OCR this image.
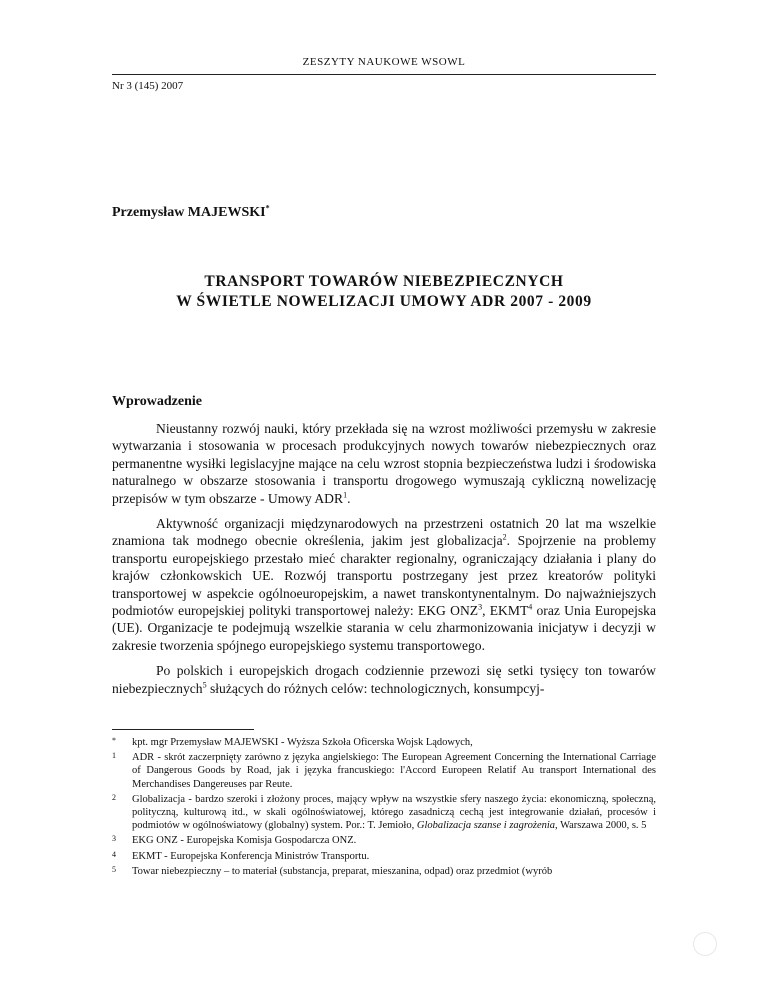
ZESZYTY NAUKOWE WSOWL
Nr 3 (145) 2007
Przemysław MAJEWSKI*
TRANSPORT TOWARÓW NIEBEZPIECZNYCH
W ŚWIETLE NOWELIZACJI UMOWY ADR 2007 - 2009
Wprowadzenie

Nieustanny rozwój nauki, który przekłada się na wzrost możliwości przemysłu w zakresie wytwarzania i stosowania w procesach produkcyjnych nowych towarów niebezpiecznych oraz permanentne wysiłki legislacyjne mające na celu wzrost stopnia bezpieczeństwa ludzi i środowiska naturalnego w obszarze stosowania i transportu drogowego wymuszają cykliczną nowelizację przepisów w tym obszarze - Umowy ADR$^1$.

Aktywność organizacji międzynarodowych na przestrzeni ostatnich 20 lat ma wszelkie znamiona tak modnego obecnie określenia, jakim jest globalizacja$^2$. Spojrzenie na problemy transportu europejskiego przestało mieć charakter regionalny, ograniczający działania i plany do krajów członkowskich UE. Rozwój transportu postrzegany jest przez kreatorów polityki transportowej w aspekcie ogólnoeuropejskim, a nawet transkontynentalnym. Do najważniejszych podmiotów europejskiej polityki transportowej należy: EKG ONZ$^3$, EKMT$^4$ oraz Unia Europejska (UE). Organizacje te podejmują wszelkie starania w celu zharmonizowania inicjatyw i decyzji w zakresie tworzenia spójnego europejskiego systemu transportowego.

Po polskich i europejskich drogach codziennie przewozi się setki tysięcy ton towarów niebezpiecznych$^5$ służących do różnych celów: technologicznych, konsumpcyj-

*	kpt. mgr Przemysław MAJEWSKI - Wyższa Szkoła Oficerska Wojsk Lądowych,
1	ADR - skrót zaczerpnięty zarówno z języka angielskiego: The European Agreement Concerning the International Carriage of Dangerous Goods by Road, jak i języka francuskiego: l'Accord Europeen Relatif Au transport International des Merchandises Dangereuses par Reute.
2	Globalizacja - bardzo szeroki i złożony proces, mający wpływ na wszystkie sfery naszego życia: ekonomiczną, społeczną, polityczną, kulturową itd., w skali ogólnoświatowej, którego zasadniczą cechą jest integrowanie działań, procesów i podmiotów w ogólnoświatowy (globalny) system. Por.: T. Jemioło, Globalizacja szanse i zagrożenia, Warszawa 2000, s. 5
3	EKG ONZ - Europejska Komisja Gospodarcza ONZ.
4	EKMT - Europejska Konferencja Ministrów Transportu.
5	Towar niebezpieczny – to materiał (substancja, preparat, mieszanina, odpad) oraz przedmiot (wyrób
